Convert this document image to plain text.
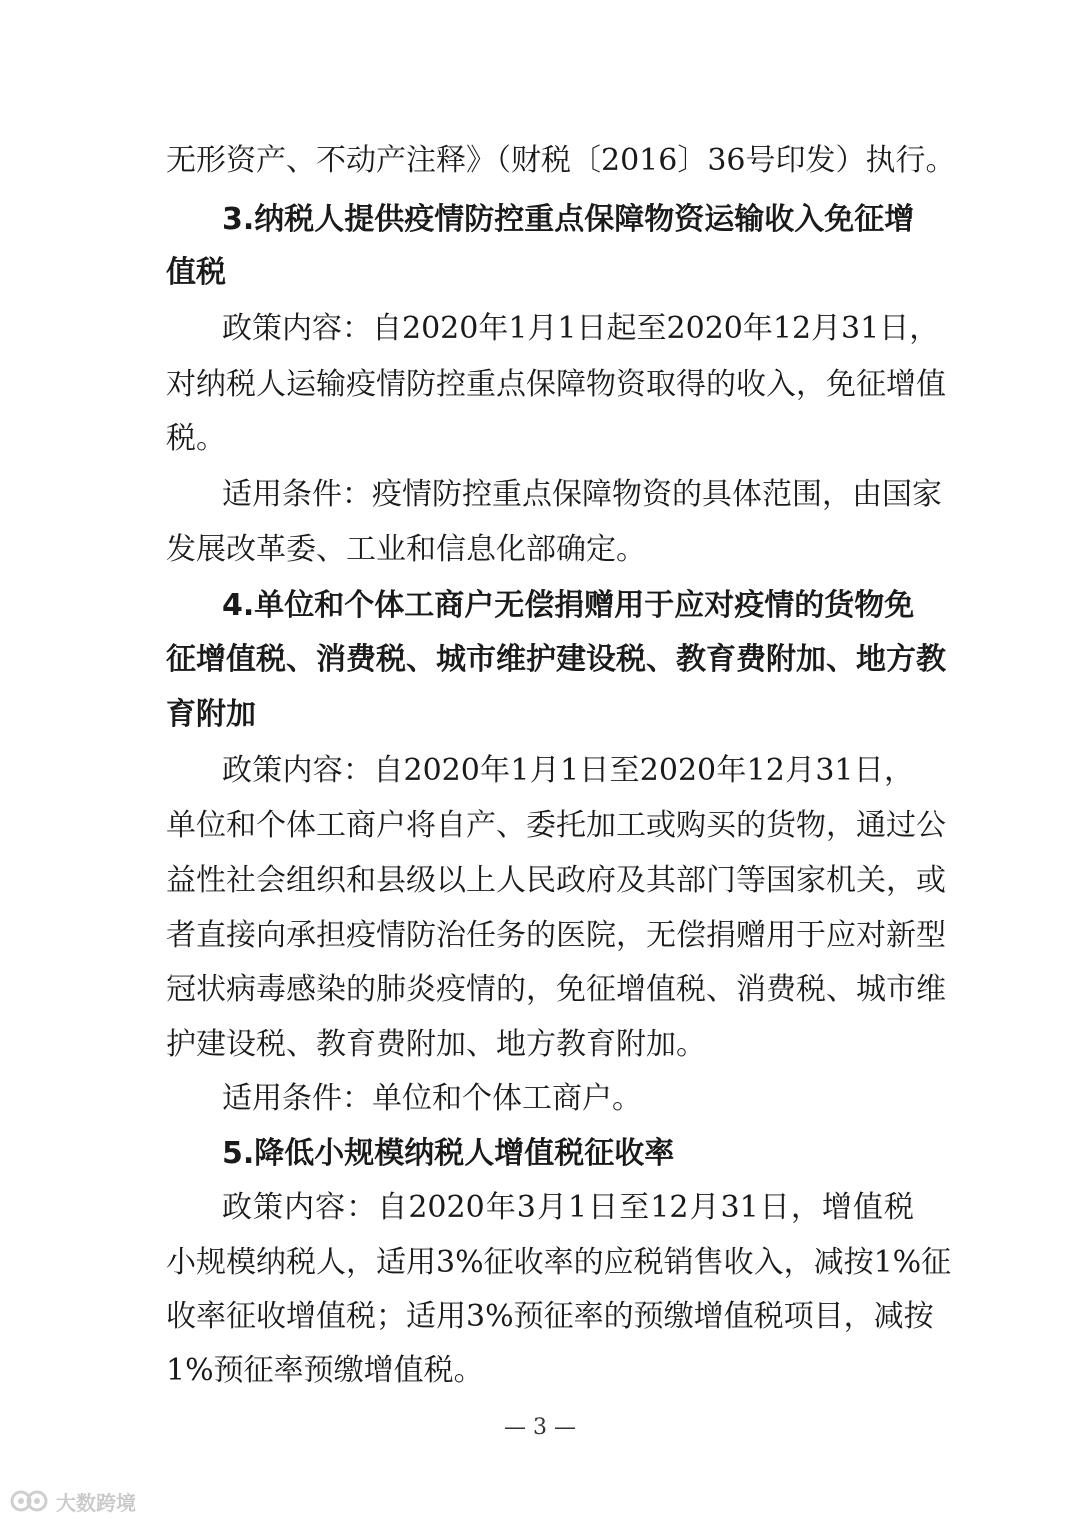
无形资产、不动产注释》（财税〔2016〕36号印发）执行。
3.纳税人提供疫情防控重点保障物资运输收入免征增
值税
政策内容：自2020年1月1日起至2020年12月31日，
对纳税人运输疫情防控重点保障物资取得的收入，免征增值
税。
适用条件：疫情防控重点保障物资的具体范围，由国家
发展改革委、工业和信息化部确定。
4.单位和个体工商户无偿捐赠用于应对疫情的货物免
征增值税、消费税、城市维护建设税、教育费附加、地方教
育附加
政策内容：自2020年1月1日至2020年12月31日，
单位和个体工商户将自产、委托加工或购买的货物，通过公
益性社会组织和县级以上人民政府及其部门等国家机关，或
者直接向承担疫情防治任务的医院，无偿捐赠用于应对新型
冠状病毒感染的肺炎疫情的，免征增值税、消费税、城市维
护建设税、教育费附加、地方教育附加。
适用条件：单位和个体工商户。
5.降低小规模纳税人增值税征收率
政策内容：自2020年3月1日至12月31日，增值税
小规模纳税人，适用3%征收率的应税销售收入，减按1%征
收率征收增值税；适用3%预征率的预缴增值税项目，减按
1%预征率预缴增值税。
— 3 —
大数跨境
